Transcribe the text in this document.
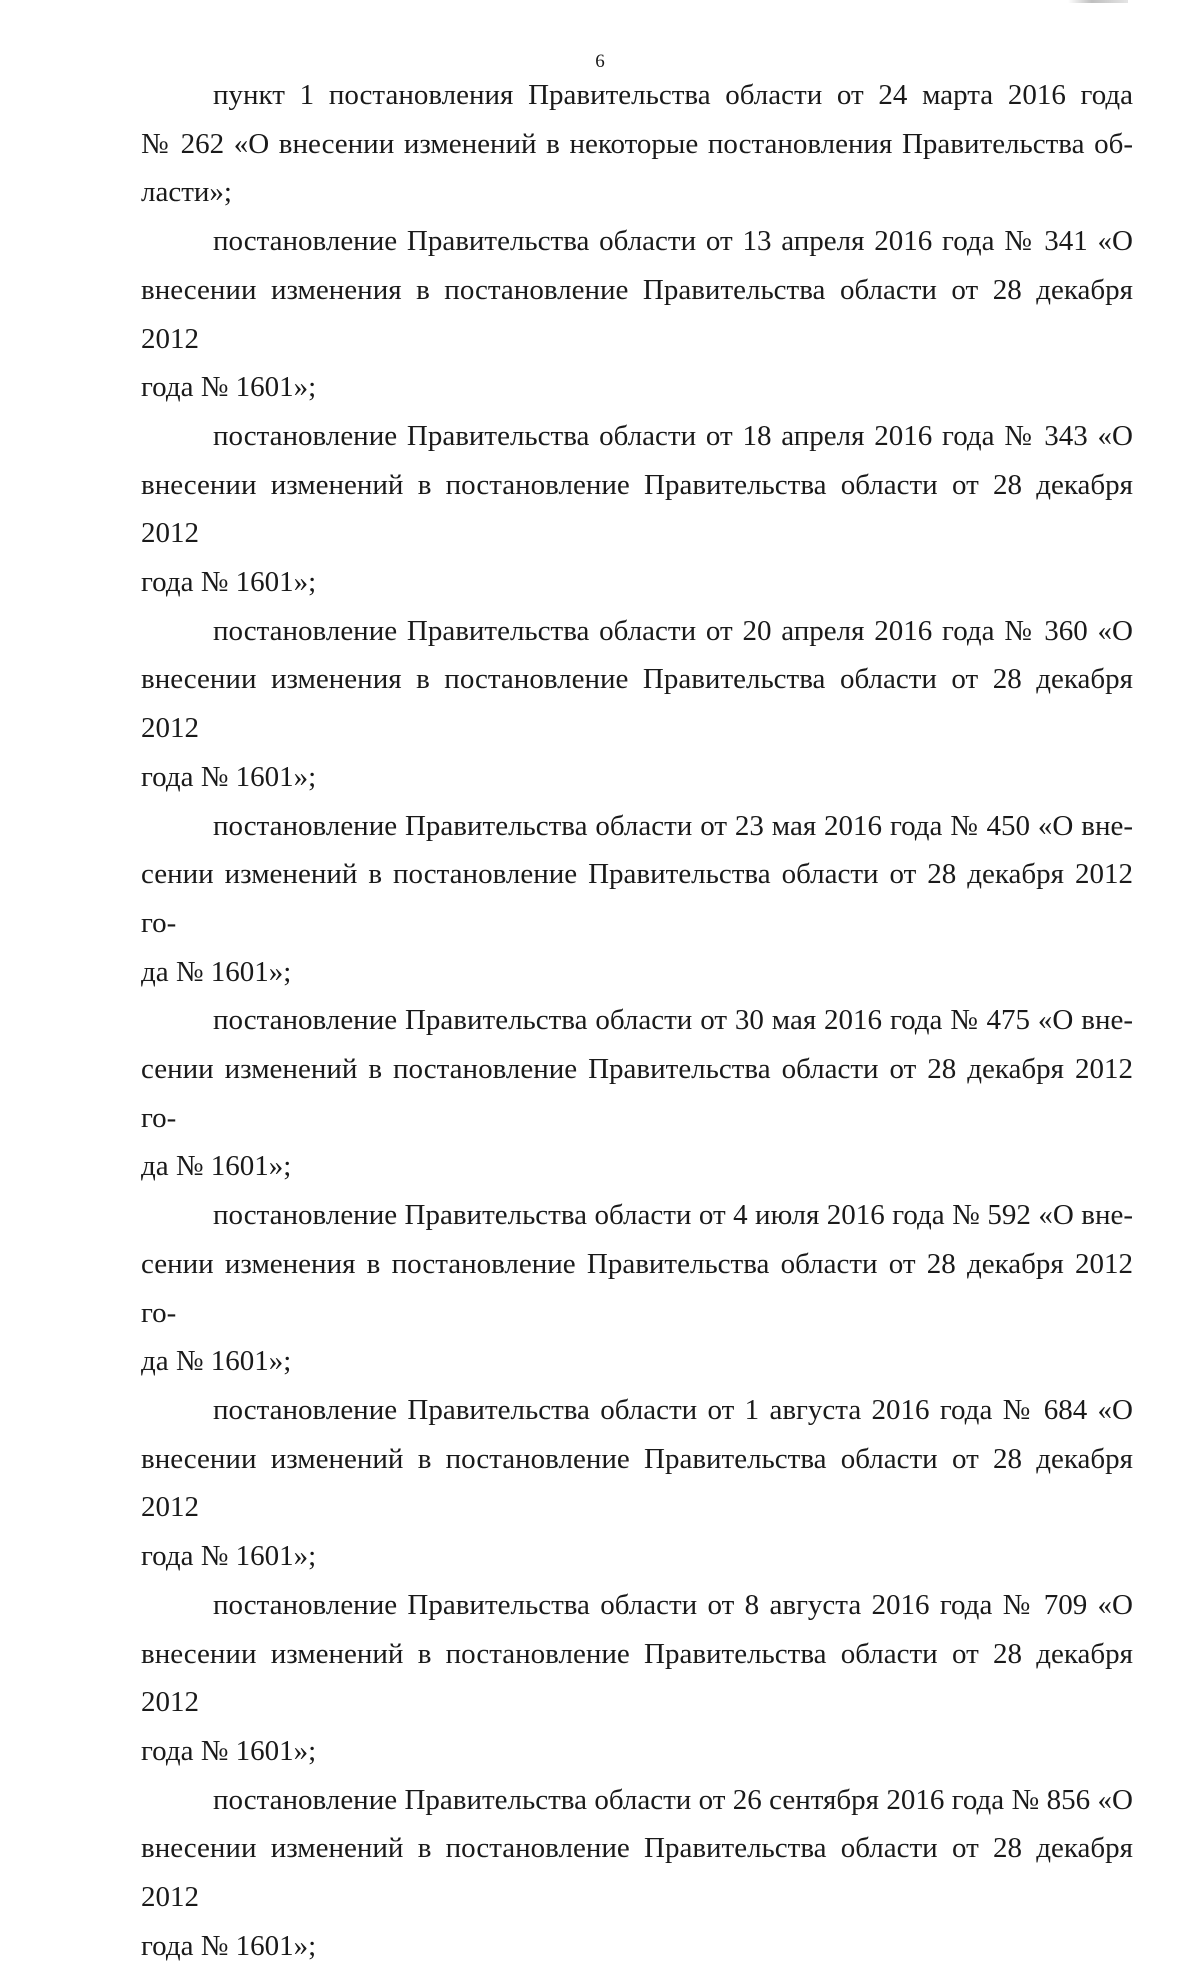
6

пункт 1 постановления Правительства области от 24 марта 2016 года
№ 262 «О внесении изменений в некоторые постановления Правительства об-
ласти»;

постановление Правительства области от 13 апреля 2016 года № 341 «О
внесении изменения в постановление Правительства области от 28 декабря 2012
года № 1601»;

постановление Правительства области от 18 апреля 2016 года № 343 «О
внесении изменений в постановление Правительства области от 28 декабря 2012
года № 1601»;

постановление Правительства области от 20 апреля 2016 года № 360 «О
внесении изменения в постановление Правительства области от 28 декабря 2012
года № 1601»;

постановление Правительства области от 23 мая 2016 года № 450 «О вне-
сении изменений в постановление Правительства области от 28 декабря 2012 го-
да № 1601»;

постановление Правительства области от 30 мая 2016 года № 475 «О вне-
сении изменений в постановление Правительства области от 28 декабря 2012 го-
да № 1601»;

постановление Правительства области от 4 июля 2016 года № 592 «О вне-
сении изменения в постановление Правительства области от 28 декабря 2012 го-
да № 1601»;

постановление Правительства области от 1 августа 2016 года № 684 «О
внесении изменений в постановление Правительства области от 28 декабря 2012
года № 1601»;

постановление Правительства области от 8 августа 2016 года № 709 «О
внесении изменений в постановление Правительства области от 28 декабря 2012
года № 1601»;

постановление Правительства области от 26 сентября 2016 года № 856 «О
внесении изменений в постановление Правительства области от 28 декабря 2012
года № 1601»;
